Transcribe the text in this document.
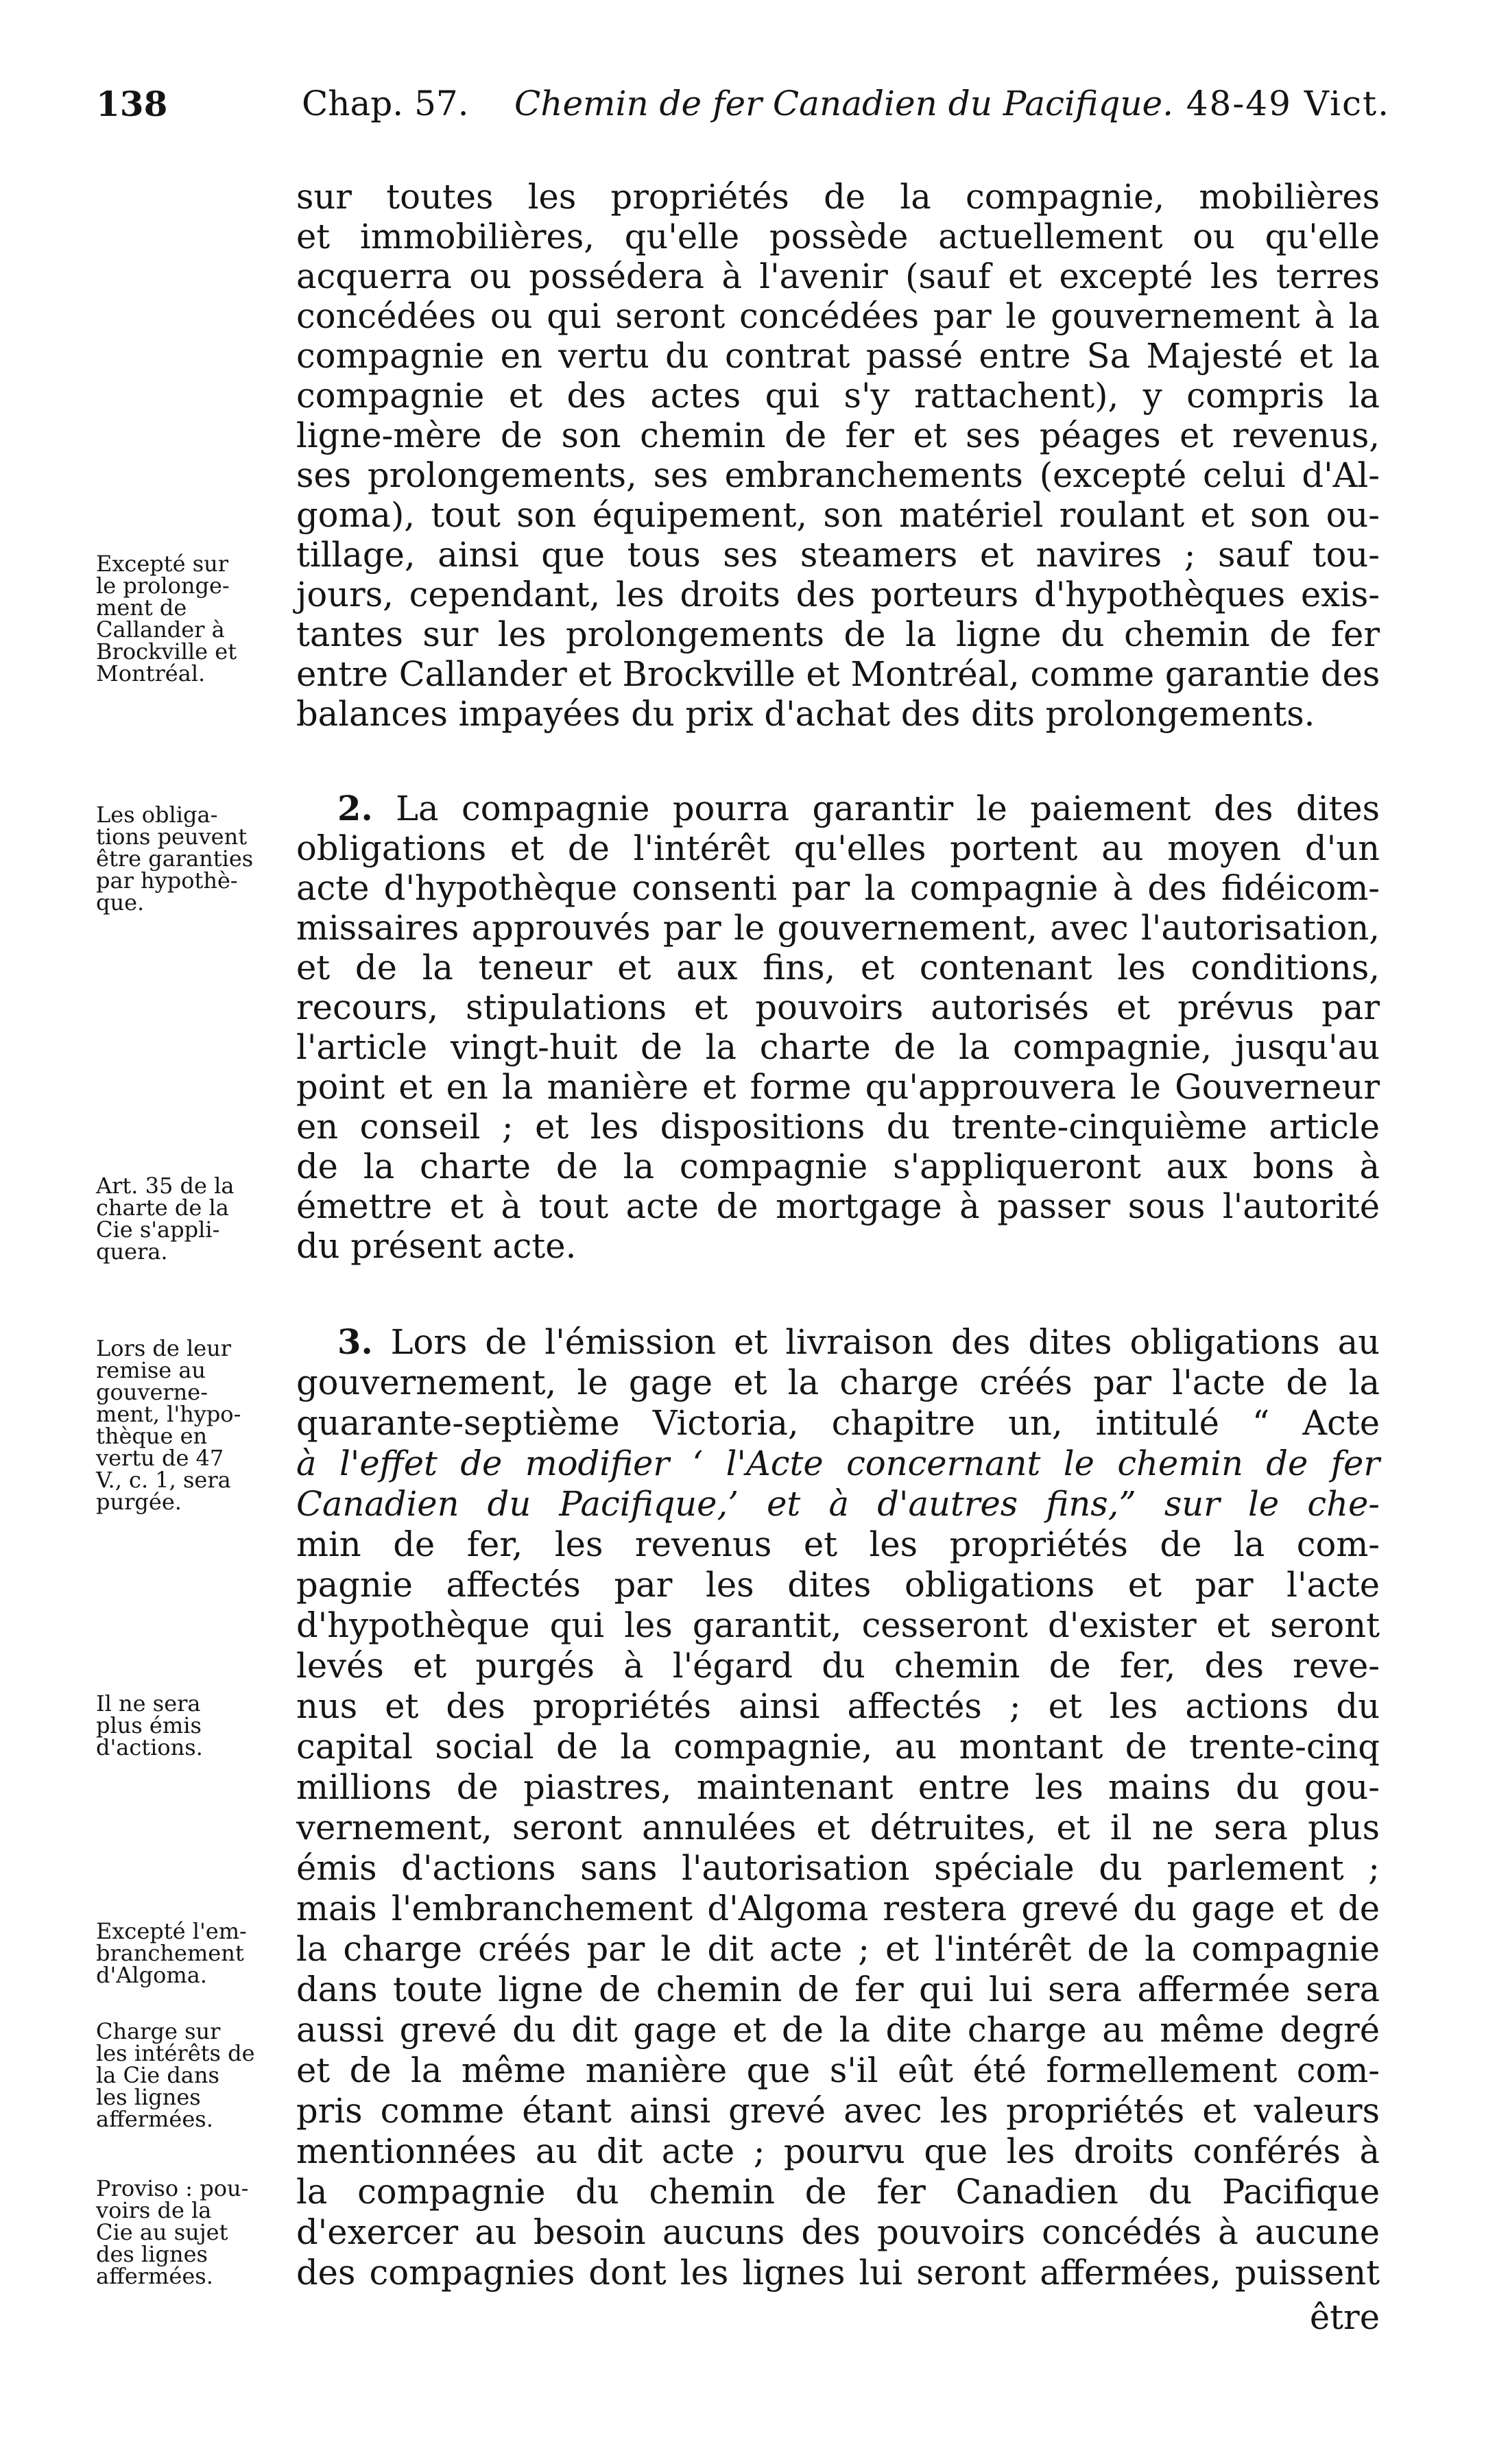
138	Chap. 57. Chemin de fer Canadien du Pacifique. 48-49 Vict.
Excepté sur
le prolonge-
ment de
Callander à
Brockville et
Montréal.
Les obliga-
tions peuvent
être garanties
par hypothè-
que.
Art. 35 de la
charte de la
Cie s'appli-
quera.
Lors de leur
remise au
gouverne-
ment, l'hypo-
thèque en
vertu de 47
V., c. 1, sera
purgée.
Il ne sera
plus émis
d'actions.
Excepté l'em-
branchement
d'Algoma.
Charge sur
les intérêts de
la Cie dans
les lignes
affermées.
Proviso : pou-
voirs de la
Cie au sujet
des lignes
affermées.
sur toutes les propriétés de la compagnie, mobilières
et immobilières, qu'elle possède actuellement ou qu'elle
acquerra ou possédera à l'avenir (sauf et excepté les terres
concédées ou qui seront concédées par le gouvernement à la
compagnie en vertu du contrat passé entre Sa Majesté et la
compagnie et des actes qui s'y rattachent), y compris la
ligne-mère de son chemin de fer et ses péages et revenus,
ses prolongements, ses embranchements (excepté celui d'Al-
goma), tout son équipement, son matériel roulant et son ou-
tillage, ainsi que tous ses steamers et navires ; sauf tou-
jours, cependant, les droits des porteurs d'hypothèques exis-
tantes sur les prolongements de la ligne du chemin de fer
entre Callander et Brockville et Montréal, comme garantie des
balances impayées du prix d'achat des dits prolongements.
2. La compagnie pourra garantir le paiement des dites
obligations et de l'intérêt qu'elles portent au moyen d'un
acte d'hypothèque consenti par la compagnie à des fidéicom-
missaires approuvés par le gouvernement, avec l'autorisation,
et de la teneur et aux fins, et contenant les conditions,
recours, stipulations et pouvoirs autorisés et prévus par
l'article vingt-huit de la charte de la compagnie, jusqu'au
point et en la manière et forme qu'approuvera le Gouverneur
en conseil ; et les dispositions du trente-cinquième article
de la charte de la compagnie s'appliqueront aux bons à
émettre et à tout acte de mortgage à passer sous l'autorité
du présent acte.
3. Lors de l'émission et livraison des dites obligations au
gouvernement, le gage et la charge créés par l'acte de la
quarante-septième Victoria, chapitre un, intitulé “ Acte
à l'effet de modifier ‘ l'Acte concernant le chemin de fer
Canadien du Pacifique,’ et à d'autres fins,” sur le che-
min de fer, les revenus et les propriétés de la com-
pagnie affectés par les dites obligations et par l'acte
d'hypothèque qui les garantit, cesseront d'exister et seront
levés et purgés à l'égard du chemin de fer, des reve-
nus et des propriétés ainsi affectés ; et les actions du
capital social de la compagnie, au montant de trente-cinq
millions de piastres, maintenant entre les mains du gou-
vernement, seront annulées et détruites, et il ne sera plus
émis d'actions sans l'autorisation spéciale du parlement ;
mais l'embranchement d'Algoma restera grevé du gage et de
la charge créés par le dit acte ; et l'intérêt de la compagnie
dans toute ligne de chemin de fer qui lui sera affermée sera
aussi grevé du dit gage et de la dite charge au même degré
et de la même manière que s'il eût été formellement com-
pris comme étant ainsi grevé avec les propriétés et valeurs
mentionnées au dit acte ; pourvu que les droits conférés à
la compagnie du chemin de fer Canadien du Pacifique
d'exercer au besoin aucuns des pouvoirs concédés à aucune
des compagnies dont les lignes lui seront affermées, puissent
être
